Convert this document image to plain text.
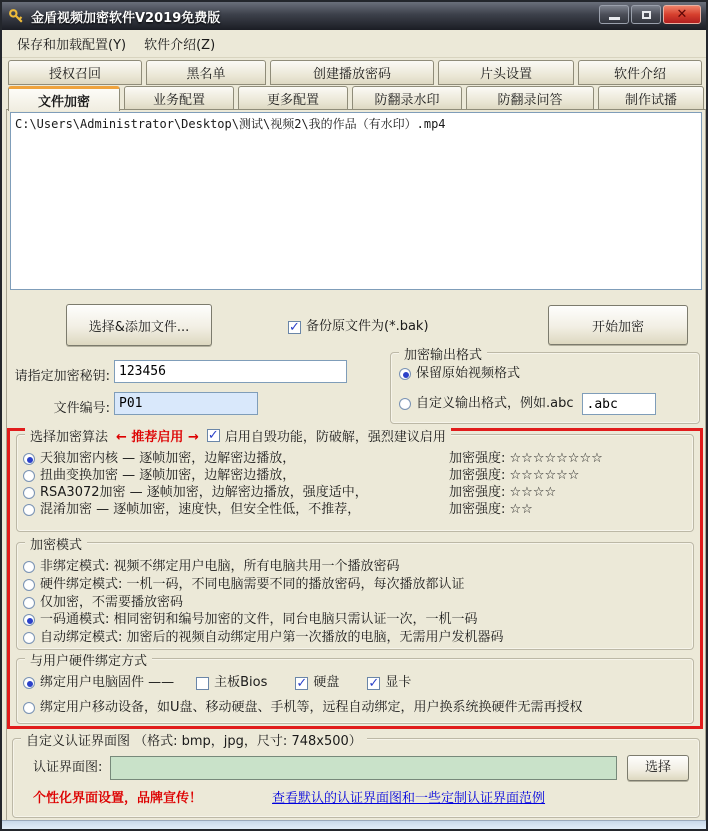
金盾视频加密软件V2019免费版	✕
保存和加载配置(Y)	软件介绍(Z)
授权召回	黑名单	创建播放密码	片头设置	软件介绍
文件加密	业务配置	更多配置	防翻录水印	防翻录问答	制作试播
C:\Users\Administrator\Desktop\测试\视频2\我的作品（有水印）.mp4
选择&添加文件... ✓	备份原文件为(*.bak)	开始加密
请指定加密秘钥:
123456
文件编号:
P01
加密输出格式
保留原始视频格式
自定义输出格式，例如.abc
.abc
选择加密算法 ← 推荐启用 → ✓ 启用自毁功能，防破解，强烈建议启用
天狼加密内核 — 逐帧加密，边解密边播放，	加密强度: ☆☆☆☆☆☆☆☆
扭曲变换加密 — 逐帧加密，边解密边播放，	加密强度: ☆☆☆☆☆☆
RSA3072加密 — 逐帧加密，边解密边播放，强度适中，	加密强度: ☆☆☆☆
混淆加密 — 逐帧加密，速度快，但安全性低，不推荐，	加密强度: ☆☆
加密模式
非绑定模式: 视频不绑定用户电脑，所有电脑共用一个播放密码
硬件绑定模式: 一机一码，不同电脑需要不同的播放密码，每次播放都认证
仅加密，不需要播放密码
一码通模式: 相同密钥和编号加密的文件，同台电脑只需认证一次，一机一码
自动绑定模式: 加密后的视频自动绑定用户第一次播放的电脑，无需用户发机器码
与用户硬件绑定方式
绑定用户电脑固件 ——	主板Bios ✓	硬盘 ✓	显卡
绑定用户移动设备，如U盘、移动硬盘、手机等，远程自动绑定，用户换系统换硬件无需再授权
自定义认证界面图 （格式: bmp，jpg，尺寸: 748x500）
认证界面图:	选择
个性化界面设置，品牌宣传！	查看默认的认证界面图和一些定制认证界面范例
